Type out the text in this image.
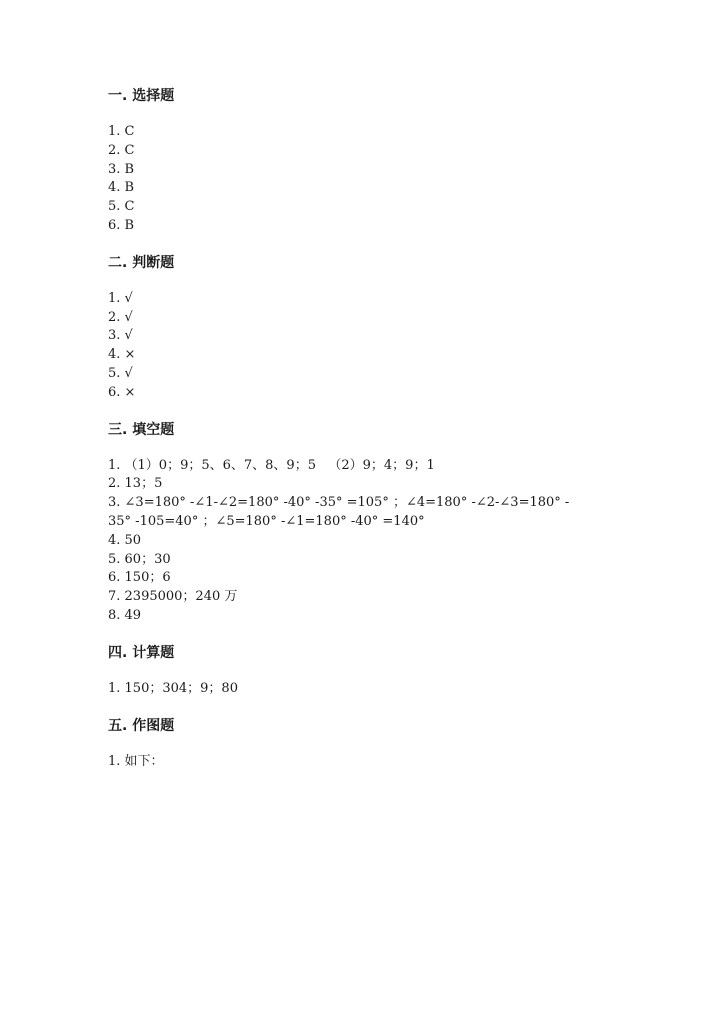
一. 选择题
1. C
2. C
3. B
4. B
5. C
6. B
二. 判断题
1. √
2. √
3. √
4. ×
5. √
6. ×
三. 填空题
1. （1）0；9；5、6、7、8、9；5   （2）9；4；9；1
2. 13；5
3. ∠3=180° -∠1-∠2=180° -40° -35° =105° ；∠4=180° -∠2-∠3=180° -
35° -105=40° ；∠5=180° -∠1=180° -40° =140°
4. 50
5. 60；30
6. 150；6
7. 2395000；240 万
8. 49
四. 计算题
1. 150；304；9；80
五. 作图题
1. 如下：
